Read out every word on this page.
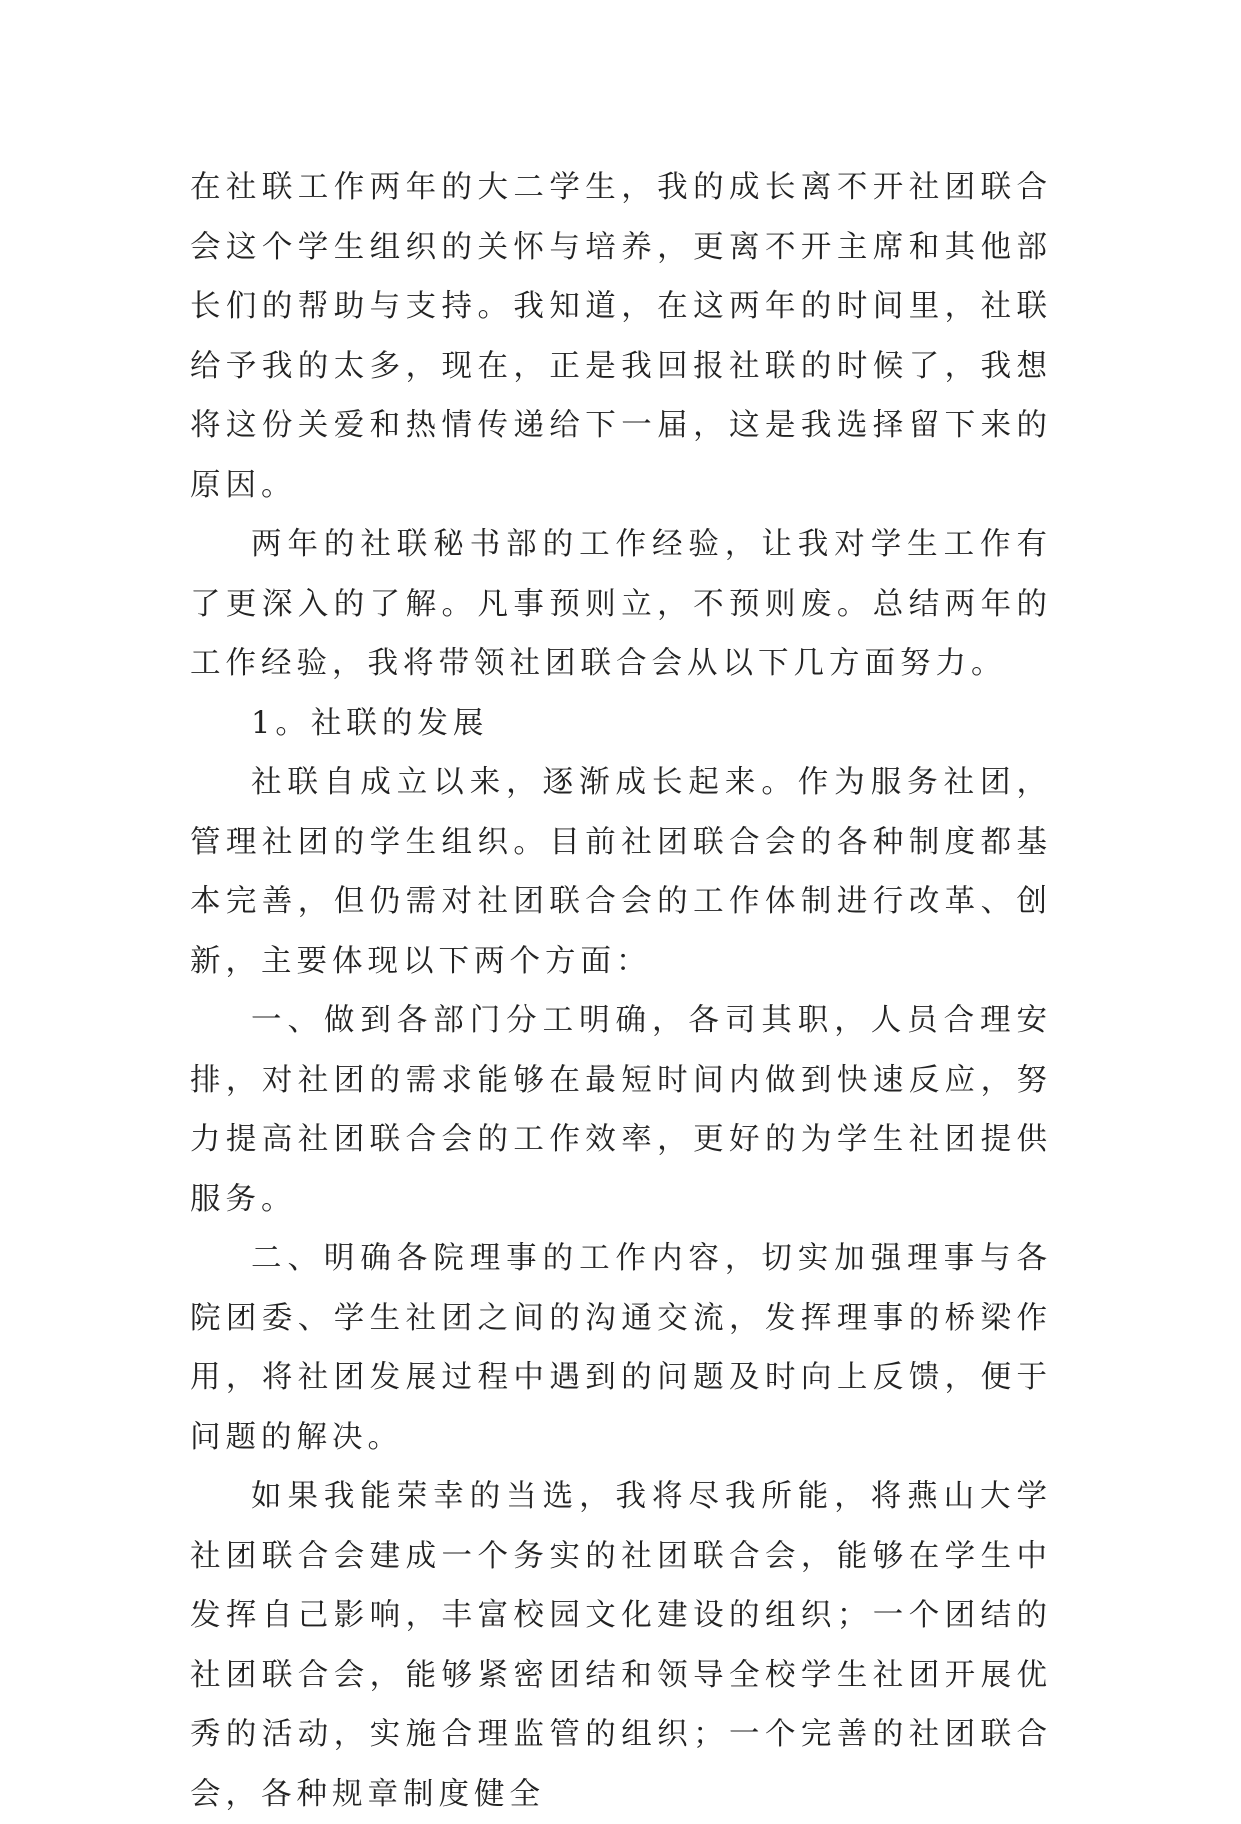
在社联工作两年的大二学生，我的成长离不开社团联合会这个学生组织的关怀与培养，更离不开主席和其他部长们的帮助与支持。我知道，在这两年的时间里，社联给予我的太多，现在，正是我回报社联的时候了，我想将这份关爱和热情传递给下一届，这是我选择留下来的原因。

两年的社联秘书部的工作经验，让我对学生工作有了更深入的了解。凡事预则立，不预则废。总结两年的工作经验，我将带领社团联合会从以下几方面努力。

1。社联的发展

社联自成立以来，逐渐成长起来。作为服务社团，管理社团的学生组织。目前社团联合会的各种制度都基本完善，但仍需对社团联合会的工作体制进行改革、创新，主要体现以下两个方面：

一、做到各部门分工明确，各司其职，人员合理安排，对社团的需求能够在最短时间内做到快速反应，努力提高社团联合会的工作效率，更好的为学生社团提供服务。

二、明确各院理事的工作内容，切实加强理事与各院团委、学生社团之间的沟通交流，发挥理事的桥梁作用，将社团发展过程中遇到的问题及时向上反馈，便于问题的解决。

如果我能荣幸的当选，我将尽我所能，将燕山大学社团联合会建成一个务实的社团联合会，能够在学生中发挥自己影响，丰富校园文化建设的组织；一个团结的社团联合会，能够紧密团结和领导全校学生社团开展优秀的活动，实施合理监管的组织；一个完善的社团联合会，各种规章制度健全
